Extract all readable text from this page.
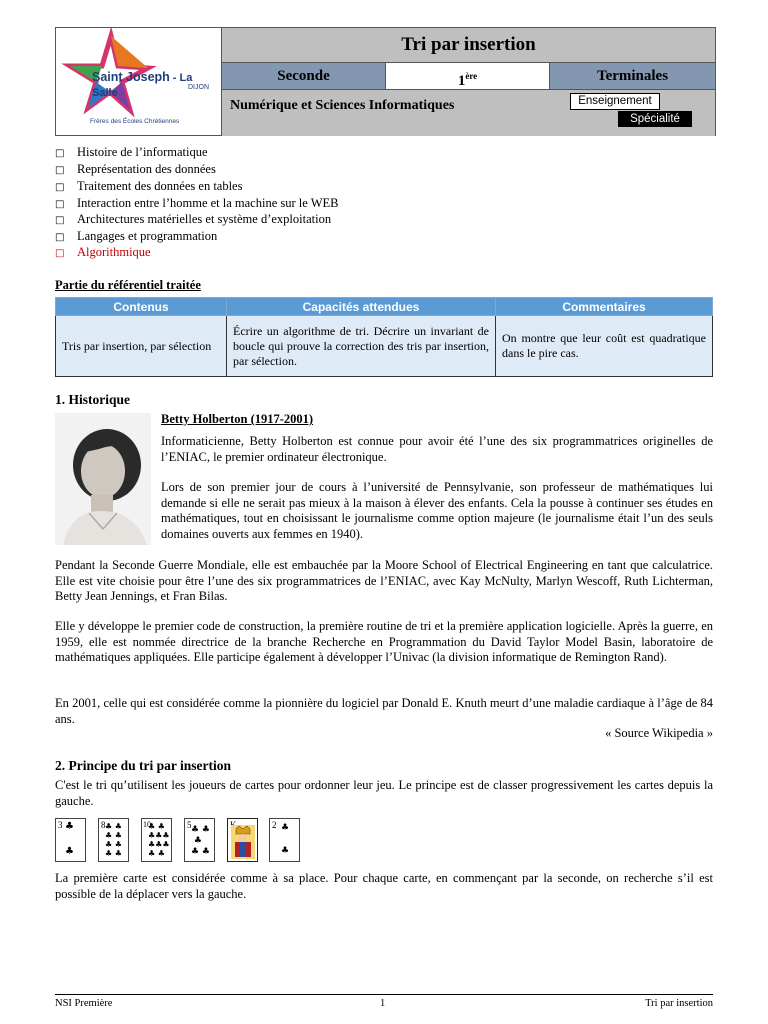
Saint Joseph - La Salle	DIJON
Frères des Écoles Chrétiennes
Tri par insertion
Seconde	1ère	Terminales
Numérique et Sciences Informatiques	Enseignement
Spécialité
□ Histoire de l’informatique
□ Représentation des données
□ Traitement des données en tables
□ Interaction entre l’homme et la machine sur le WEB
□ Architectures matérielles et système d’exploitation
□ Langages et programmation
□ Algorithmique
Partie du référentiel traitée
Contenus	Capacités attendues	Commentaires
Tris par insertion, par sélection	Écrire un algorithme de tri. Décrire un invariant de boucle qui prouve la correction des tris par insertion, par sélection.	On montre que leur coût est quadratique dans le pire cas.
1. Historique
Betty Holberton (1917-2001)

Informaticienne, Betty Holberton est connue pour avoir été l’une des six programmatrices originelles de l’ENIAC, le premier ordinateur électronique.

Lors de son premier jour de cours à l’université de Pennsylvanie, son professeur de mathématiques lui demande si elle ne serait pas mieux à la maison à élever des enfants. Cela la pousse à continuer ses études en mathématiques, tout en choisissant le journalisme comme option majeure (le journalisme était l’un des seuls domaines ouverts aux femmes en 1940).

Pendant la Seconde Guerre Mondiale, elle est embauchée par la Moore School of Electrical Engineering en tant que calculatrice. Elle est vite choisie pour être l’une des six programmatrices de l’ENIAC, avec Kay McNulty, Marlyn Wescoff, Ruth Lichterman, Betty Jean Jennings, et Fran Bilas.

Elle y développe le premier code de construction, la première routine de tri et la première application logicielle. Après la guerre, en 1959, elle est nommée directrice de la branche Recherche en Programmation du David Taylor Model Basin, laboratoire de mathématiques appliquées. Elle participe également à développer l’Univac (la division informatique de Remington Rand).

En 2001, celle qui est considérée comme la pionnière du logiciel par Donald E. Knuth meurt d’une maladie cardiaque à l’âge de 84 ans.

« Source Wikipedia »
2. Principe du tri par insertion

C'est le tri qu’utilisent les joueurs de cartes pour ordonner leur jeu. Le principe est de classer progressivement les cartes depuis la gauche.

3 ♣
♣
8 ♣ ♣
♣ ♣
♣ ♣
♣ ♣
10
♣ ♣
♣♣♣
♣♣♣
♣ ♣
5 ♣ ♣
♣
♣ ♣
2 ♣
♣

La première carte est considérée comme à sa place. Pour chaque carte, en commençant par la seconde, on recherche s’il est possible de la déplacer vers la gauche.

NSI Première	1	Tri par insertion
